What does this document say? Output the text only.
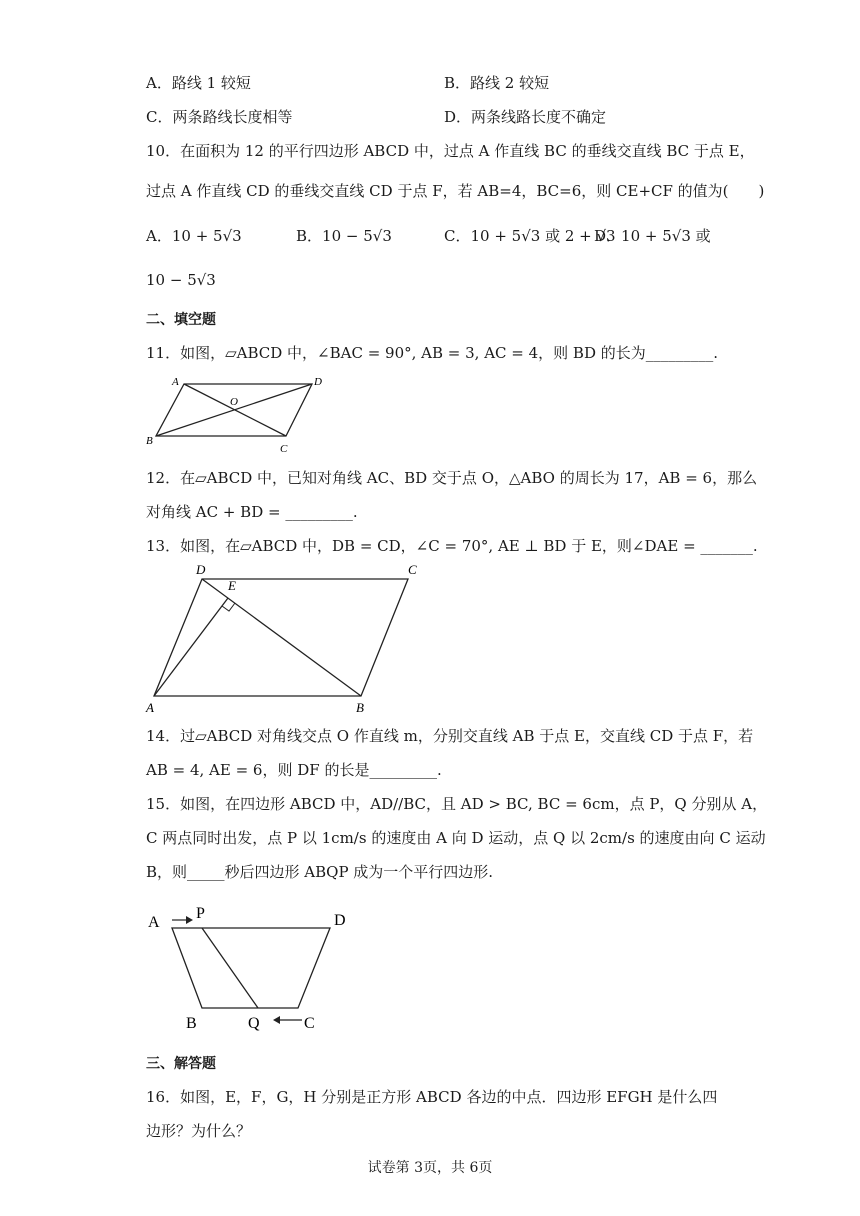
A．路线 1 较短	B．路线 2 较短
C．两条路线长度相等	D．两条线路长度不确定
10．在面积为 12 的平行四边形 ABCD 中，过点 A 作直线 BC 的垂线交直线 BC 于点 E，
过点 A 作直线 CD 的垂线交直线 CD 于点 F，若 AB=4，BC=6，则 CE+CF 的值为(　　)
A．10 + 5√3	B．10 − 5√3	C．10 + 5√3 或 2 + √3
D．10 + 5√3 或
10 − 5√3
二、填空题
11．如图，▱ABCD 中，∠BAC = 90°, AB = 3, AC = 4，则 BD 的长为_________.
A	D
O
B
C
12．在▱ABCD 中，已知对角线 AC、BD 交于点 O，△ABO 的周长为 17，AB = 6，那么
对角线 AC + BD = _________.
13．如图，在▱ABCD 中，DB = CD，∠C = 70°, AE ⊥ BD 于 E，则∠DAE = _______.
D
E
C
A	B
14．过▱ABCD 对角线交点 O 作直线 m，分别交直线 AB 于点 E，交直线 CD 于点 F，若
AB = 4, AE = 6，则 DF 的长是_________.
15．如图，在四边形 ABCD 中，AD//BC，且 AD > BC, BC = 6cm，点 P，Q 分别从 A，
C 两点同时出发，点 P 以 1cm/s 的速度由 A 向 D 运动，点 Q 以 2cm/s 的速度由向 C 运动
B，则_____秒后四边形 ABQP 成为一个平行四边形.
A
P	D
B	Q	C
三、解答题
16．如图，E，F，G，H 分别是正方形 ABCD 各边的中点．四边形 EFGH 是什么四
边形？为什么？
试卷第 3页，共 6页
